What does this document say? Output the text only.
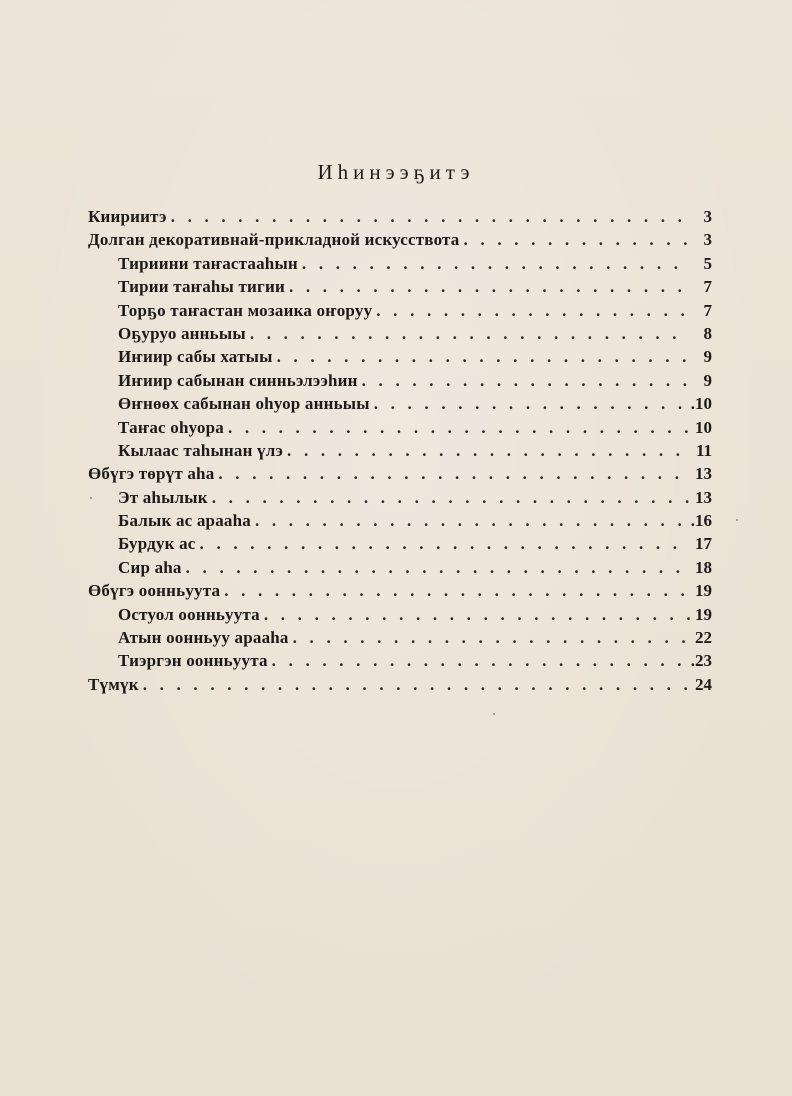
Иһинээҕитэ
Киириитэ . . .	3
Долган декоративнай-прикладной искусствота . . .	3
Тириини таҥастааһын . . .	5
Тирии таҥаһы тигии . . .	7
Торҕо таҥастан мозаика оҥоруу . . .	7
Оҕуруо анньыы . . .	8
Иҥиир сабы хатыы . . .	9
Иҥиир сабынан синньэлээһин . . .	9
Өҥнөөх сабынан оһуор анньыы . . .	.10
Таҥас оһуора . . .	10
Кылаас таһынан үлэ . . .	11
Өбүгэ төрүт аһа . . .	13
Эт аһылык . . .	13
Балык ас арааһа . . .	.16
Бурдук ас . . .	17
Сир аһа . . .	18
Өбүгэ оонньуута . . .	19
Остуол оонньуута . . .	19
Атын оонньуу арааһа . . .	22
Тиэргэн оонньуута . . .	.23
Түмүк . . .	24
